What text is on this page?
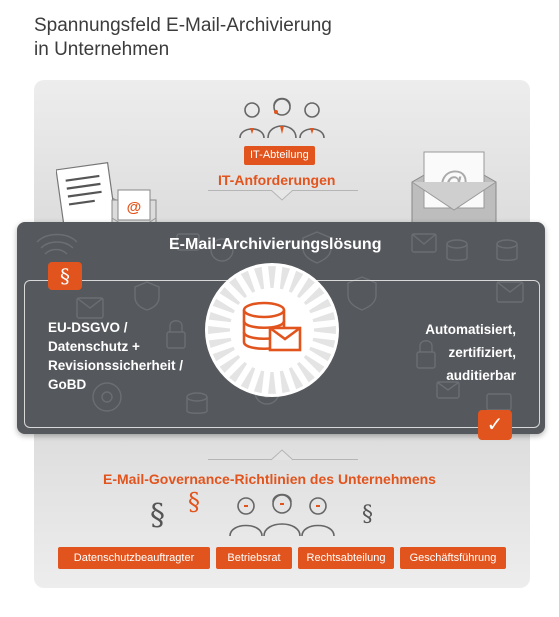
Spannungsfeld E-Mail-Archivierung
in Unternehmen
IT-Abteilung
IT-Anforderungen
@
E-Mail-Archivierungslösung
§
EU-DSGVO /
Datenschutz +
Revisionssicherheit /
GoBD
Automatisiert,
zertifiziert,
auditierbar
✓
E-Mail-Governance-Richtlinien des Unternehmens
§ §	§
Datenschutzbeauftragter	Betriebsrat	Rechtsabteilung	Geschäftsführung
